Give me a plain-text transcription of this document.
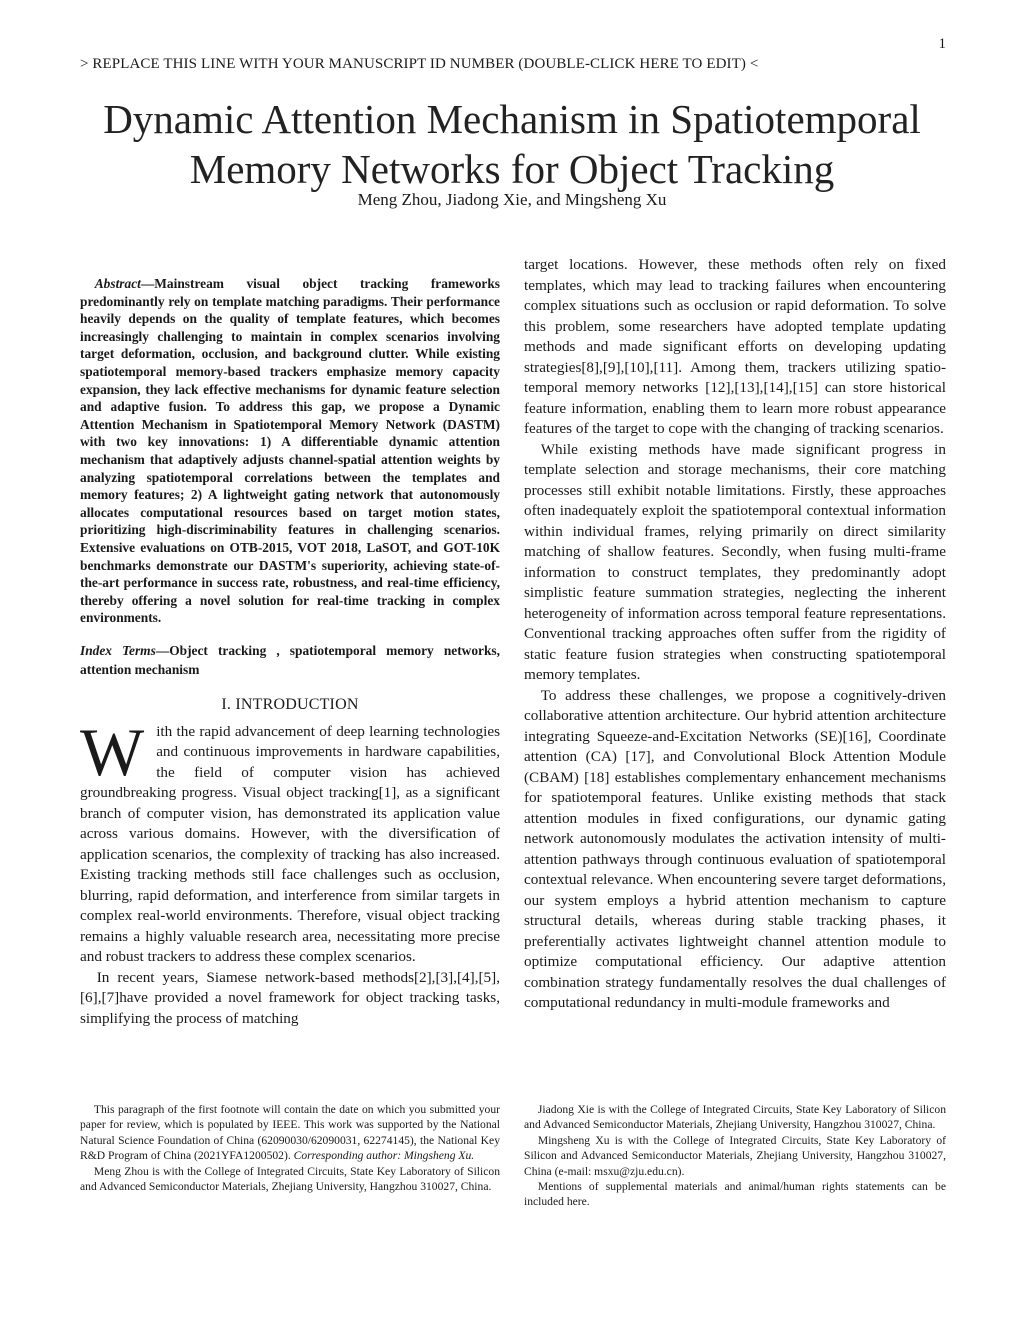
1
> REPLACE THIS LINE WITH YOUR MANUSCRIPT ID NUMBER (DOUBLE-CLICK HERE TO EDIT) <
Dynamic Attention Mechanism in Spatiotemporal
Memory Networks for Object Tracking
Meng Zhou, Jiadong Xie, and Mingsheng Xu

Abstract—Mainstream visual object tracking frameworks predominantly rely on template matching paradigms. Their performance heavily depends on the quality of template features, which becomes increasingly challenging to maintain in complex scenarios involving target deformation, occlusion, and background clutter. While existing spatiotemporal memory-based trackers emphasize memory capacity expansion, they lack effective mechanisms for dynamic feature selection and adaptive fusion. To address this gap, we propose a Dynamic Attention Mechanism in Spatiotemporal Memory Network (DASTM) with two key innovations: 1) A differentiable dynamic attention mechanism that adaptively adjusts channel-spatial attention weights by analyzing spatiotemporal correlations between the templates and memory features; 2) A lightweight gating network that autonomously allocates computational resources based on target motion states, prioritizing high-discriminability features in challenging scenarios. Extensive evaluations on OTB-2015, VOT 2018, LaSOT, and GOT-10K benchmarks demonstrate our DASTM's superiority, achieving state-of-the-art performance in success rate, robustness, and real-time efficiency, thereby offering a novel solution for real-time tracking in complex environments.

Index Terms—Object tracking , spatiotemporal memory networks, attention mechanism

I. INTRODUCTION

With the rapid advancement of deep learning technologies and continuous improvements in hardware capabilities, the field of computer vision has achieved groundbreaking progress. Visual object tracking[1], as a significant branch of computer vision, has demonstrated its application value across various domains. However, with the diversification of application scenarios, the complexity of tracking has also increased. Existing tracking methods still face challenges such as occlusion, blurring, rapid deformation, and interference from similar targets in complex real-world environments. Therefore, visual object tracking remains a highly valuable research area, necessitating more precise and robust trackers to address these complex scenarios.

In recent years, Siamese network-based methods[2],[3],[4],[5],[6],[7]have provided a novel framework for object tracking tasks, simplifying the process of matching

target locations. However, these methods often rely on fixed templates, which may lead to tracking failures when encountering complex situations such as occlusion or rapid deformation. To solve this problem, some researchers have adopted template updating methods and made significant efforts on developing updating strategies[8],[9],[10],[11]. Among them, trackers utilizing spatio-temporal memory networks [12],[13],[14],[15] can store historical feature information, enabling them to learn more robust appearance features of the target to cope with the changing of tracking scenarios.

While existing methods have made significant progress in template selection and storage mechanisms, their core matching processes still exhibit notable limitations. Firstly, these approaches often inadequately exploit the spatiotemporal contextual information within individual frames, relying primarily on direct similarity matching of shallow features. Secondly, when fusing multi-frame information to construct templates, they predominantly adopt simplistic feature summation strategies, neglecting the inherent heterogeneity of information across temporal feature representations. Conventional tracking approaches often suffer from the rigidity of static feature fusion strategies when constructing spatiotemporal memory templates.

To address these challenges, we propose a cognitively-driven collaborative attention architecture. Our hybrid attention architecture integrating Squeeze-and-Excitation Networks (SE)[16], Coordinate attention (CA) [17], and Convolutional Block Attention Module (CBAM) [18] establishes complementary enhancement mechanisms for spatiotemporal features. Unlike existing methods that stack attention modules in fixed configurations, our dynamic gating network autonomously modulates the activation intensity of multi-attention pathways through continuous evaluation of spatiotemporal contextual relevance. When encountering severe target deformations, our system employs a hybrid attention mechanism to capture structural details, whereas during stable tracking phases, it preferentially activates lightweight channel attention module to optimize computational efficiency. Our adaptive attention combination strategy fundamentally resolves the dual challenges of computational redundancy in multi-module frameworks and

This paragraph of the first footnote will contain the date on which you submitted your paper for review, which is populated by IEEE. This work was supported by the National Natural Science Foundation of China (62090030/62090031, 62274145), the National Key R&D Program of China (2021YFA1200502). Corresponding author: Mingsheng Xu.

Meng Zhou is with the College of Integrated Circuits, State Key Laboratory of Silicon and Advanced Semiconductor Materials, Zhejiang University, Hangzhou 310027, China.

Jiadong Xie is with the College of Integrated Circuits, State Key Laboratory of Silicon and Advanced Semiconductor Materials, Zhejiang University, Hangzhou 310027, China.

Mingsheng Xu is with the College of Integrated Circuits, State Key Laboratory of Silicon and Advanced Semiconductor Materials, Zhejiang University, Hangzhou 310027, China (e-mail: msxu@zju.edu.cn).

Mentions of supplemental materials and animal/human rights statements can be included here.
